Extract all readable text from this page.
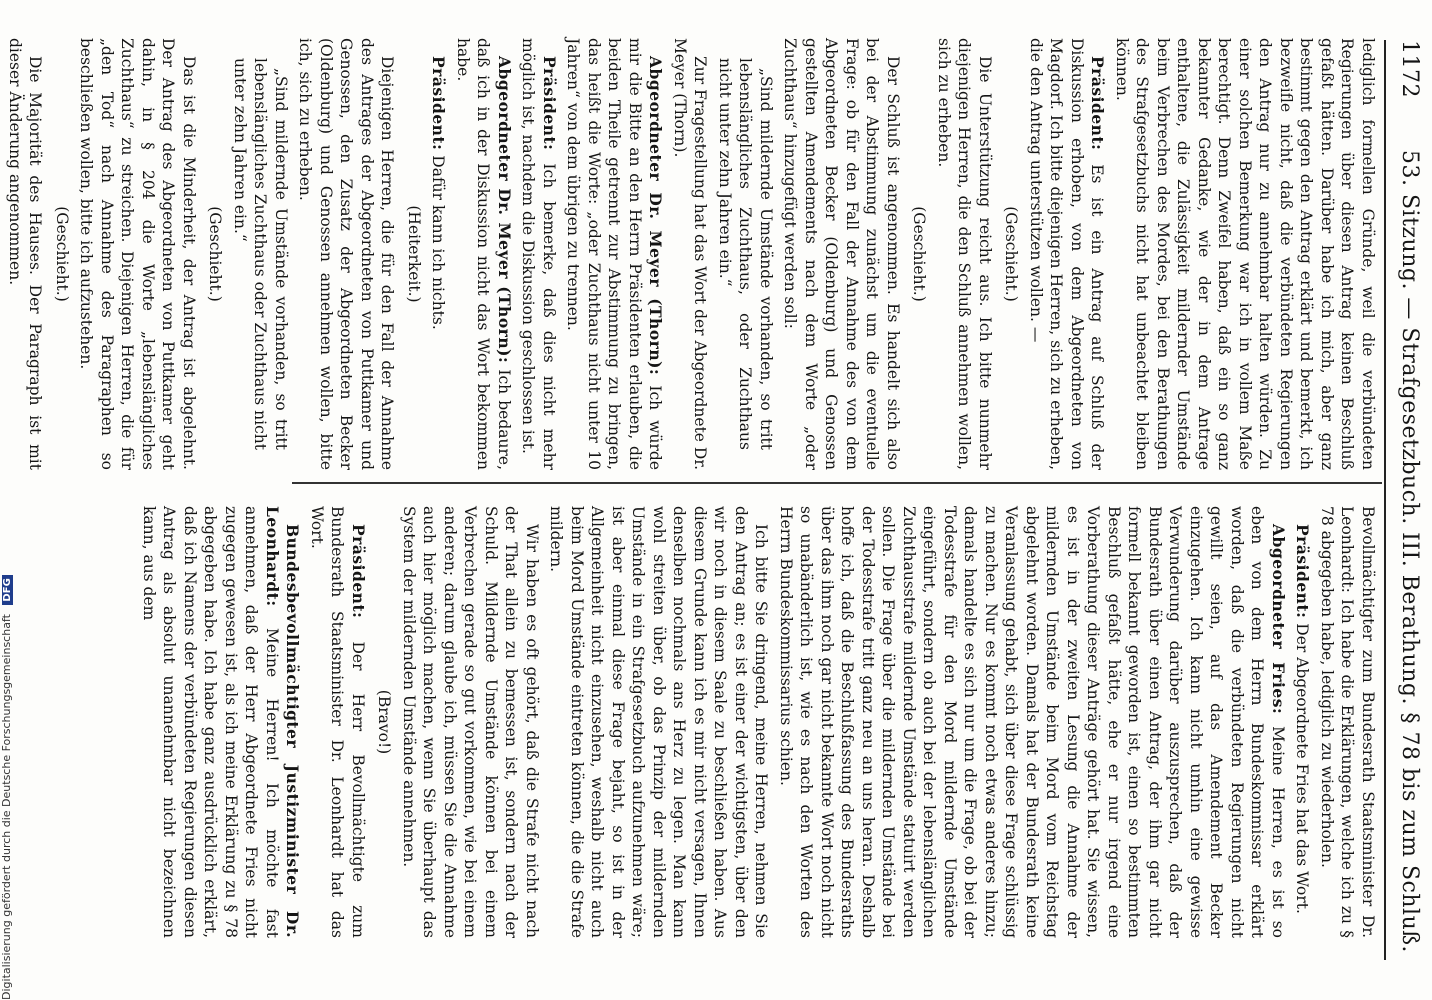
1172
53. Sitzung. — Strafgesetzbuch. III. Berathung. § 78 bis zum Schluß.

lediglich formellen Gründe, weil die verbündeten Regierungen über diesen Antrag keinen Beschluß gefaßt hätten. Darüber habe ich mich, aber ganz bestimmt gegen den Antrag erklärt und bemerkt, ich bezweifle nicht, daß die verbündeten Regierungen den Antrag nur zu annehmbar halten würden. Zu einer solchen Bemerkung war ich in vollem Maße berechtigt. Denn Zweifel haben, daß ein so ganz bekannter Gedanke, wie der in dem Antrage enthaltene, die Zulässigkeit mildernder Umstände beim Verbrechen des Mordes, bei den Berathungen des Strafgesetzbuchs nicht hat unbeachtet bleiben können.

Präsident: Es ist ein Antrag auf Schluß der Diskussion erhoben, von dem Abgeordneten von Magdorf. Ich bitte diejenigen Herren, sich zu erheben, die den Antrag unterstützen wollen. —

(Geschieht.)

Die Unterstützung reicht aus. Ich bitte nunmehr diejenigen Herren, die den Schluß annehmen wollen, sich zu erheben.

(Geschieht.)

Der Schluß ist angenommen. Es handelt sich also bei der Abstimmung zunächst um die eventuelle Frage: ob für den Fall der Annahme des von dem Abgeordneten Becker (Oldenburg) und Genossen gestellten Amendements nach dem Worte „oder Zuchthaus“ hinzugefügt werden soll:

„Sind mildernde Umstände vorhanden, so tritt lebenslängliches Zuchthaus, oder Zuchthaus nicht unter zehn Jahren ein.“

Zur Fragestellung hat das Wort der Abgeordnete Dr. Meyer (Thorn).

Abgeordneter Dr. Meyer (Thorn): Ich würde mir die Bitte an den Herrn Präsidenten erlauben, die beiden Theile getrennt zur Abstimmung zu bringen, das heißt die Worte: „oder Zuchthaus nicht unter 10 Jahren“ von dem übrigen zu trennen.

Präsident: Ich bemerke, daß dies nicht mehr möglich ist, nachdem die Diskussion geschlossen ist.

Abgeordneter Dr. Meyer (Thorn): Ich bedaure, daß ich in der Diskussion nicht das Wort bekommen habe.

Präsident: Dafür kann ich nichts.

(Heiterkeit.)

Diejenigen Herren, die für den Fall der Annahme des Antrages der Abgeordneten von Puttkamer und Genossen, den Zusatz der Abgeordneten Becker (Oldenburg) und Genossen annehmen wollen, bitte ich, sich zu erheben.

„Sind mildernde Umstände vorhanden, so tritt lebenslängliches Zuchthaus oder Zuchthaus nicht unter zehn Jahren ein.“

(Geschieht.)

Das ist die Minderheit, der Antrag ist abgelehnt. Der Antrag des Abgeordneten von Puttkamer geht dahin, in § 204 die Worte „lebenslängliches Zuchthaus“ zu streichen. Diejenigen Herren, die für „den Tod“ nach Annahme des Paragraphen so beschließen wollen, bitte ich aufzustehen.

(Geschieht.)

Die Majorität des Hauses. Der Paragraph ist mit dieser Änderung angenommen.

Bevollmächtigter zum Bundesrath Staatsminister Dr. Leonhardt: Ich habe die Erklärungen, welche ich zu § 78 abgegeben habe, lediglich zu wiederholen.

Präsident: Der Abgeordnete Fries hat das Wort.

Abgeordneter Fries: Meine Herren, es ist so eben von dem Herrn Bundeskommissar erklärt worden, daß die verbündeten Regierungen nicht gewillt seien, auf das Amendement Becker einzugehen. Ich kann nicht umhin eine gewisse Verwunderung darüber auszusprechen, daß der Bundesrath über einen Antrag, der ihm gar nicht formell bekannt geworden ist, einen so bestimmten Beschluß gefaßt hätte, ehe er nur irgend eine Vorberathung dieser Anträge gehört hat. Sie wissen, es ist in der zweiten Lesung die Annahme der mildernden Umstände beim Mord vom Reichstag abgelehnt worden. Damals hat der Bundesrath keine Veranlassung gehabt, sich über diese Frage schlüssig zu machen. Nur es kommt noch etwas anderes hinzu; damals handelte es sich nur um die Frage, ob bei der Todesstrafe für den Mord mildernde Umstände eingeführt, sondern ob auch bei der lebenslänglichen Zuchthausstrafe mildernde Umstände statuirt werden sollen. Die Frage über die mildernden Umstände bei der Todesstrafe tritt ganz neu an uns heran. Deshalb hoffe ich, daß die Beschlußfassung des Bundesraths über das ihm noch gar nicht bekannte Wort noch nicht so unabänderlich ist, wie es nach den Worten des Herrn Bundeskommissarius schien.

Ich bitte Sie dringend, meine Herren, nehmen Sie den Antrag an; es ist einer der wichtigsten, über den wir noch in diesem Saale zu beschließen haben. Aus diesem Grunde kann ich es mir nicht versagen, Ihnen denselben nochmals ans Herz zu legen. Man kann wohl streiten über, ob das Prinzip der mildernden Umstände in ein Strafgesetzbuch aufzunehmen wäre; ist aber einmal diese Frage bejaht, so ist in der Allgemeinheit nicht einzusehen, weshalb nicht auch beim Mord Umstände eintreten können, die die Strafe mildern.

Wir haben es oft gehört, daß die Strafe nicht nach der That allein zu bemessen ist, sondern nach der Schuld. Mildernde Umstände können bei einem Verbrechen gerade so gut vorkommen, wie bei einem anderen; darum glaube ich, müssen Sie die Annahme auch hier möglich machen, wenn Sie überhaupt das System der mildernden Umstände annehmen.

(Bravo!)

Präsident: Der Herr Bevollmächtigte zum Bundesrath Staatsminister Dr. Leonhardt hat das Wort.

Bundesbevollmächtigter Justizminister Dr. Leonhardt: Meine Herren! Ich möchte fast annehmen, daß der Herr Abgeordnete Fries nicht zugegen gewesen ist, als ich meine Erklärung zu § 78 abgegeben habe. Ich habe ganz ausdrücklich erklärt, daß ich Namens der verbündeten Regierungen diesen Antrag als absolut unannehmbar nicht bezeichnen kann, aus dem

Digitalisierung gefördert durch die Deutsche Forschungsgemeinschaft DFG
